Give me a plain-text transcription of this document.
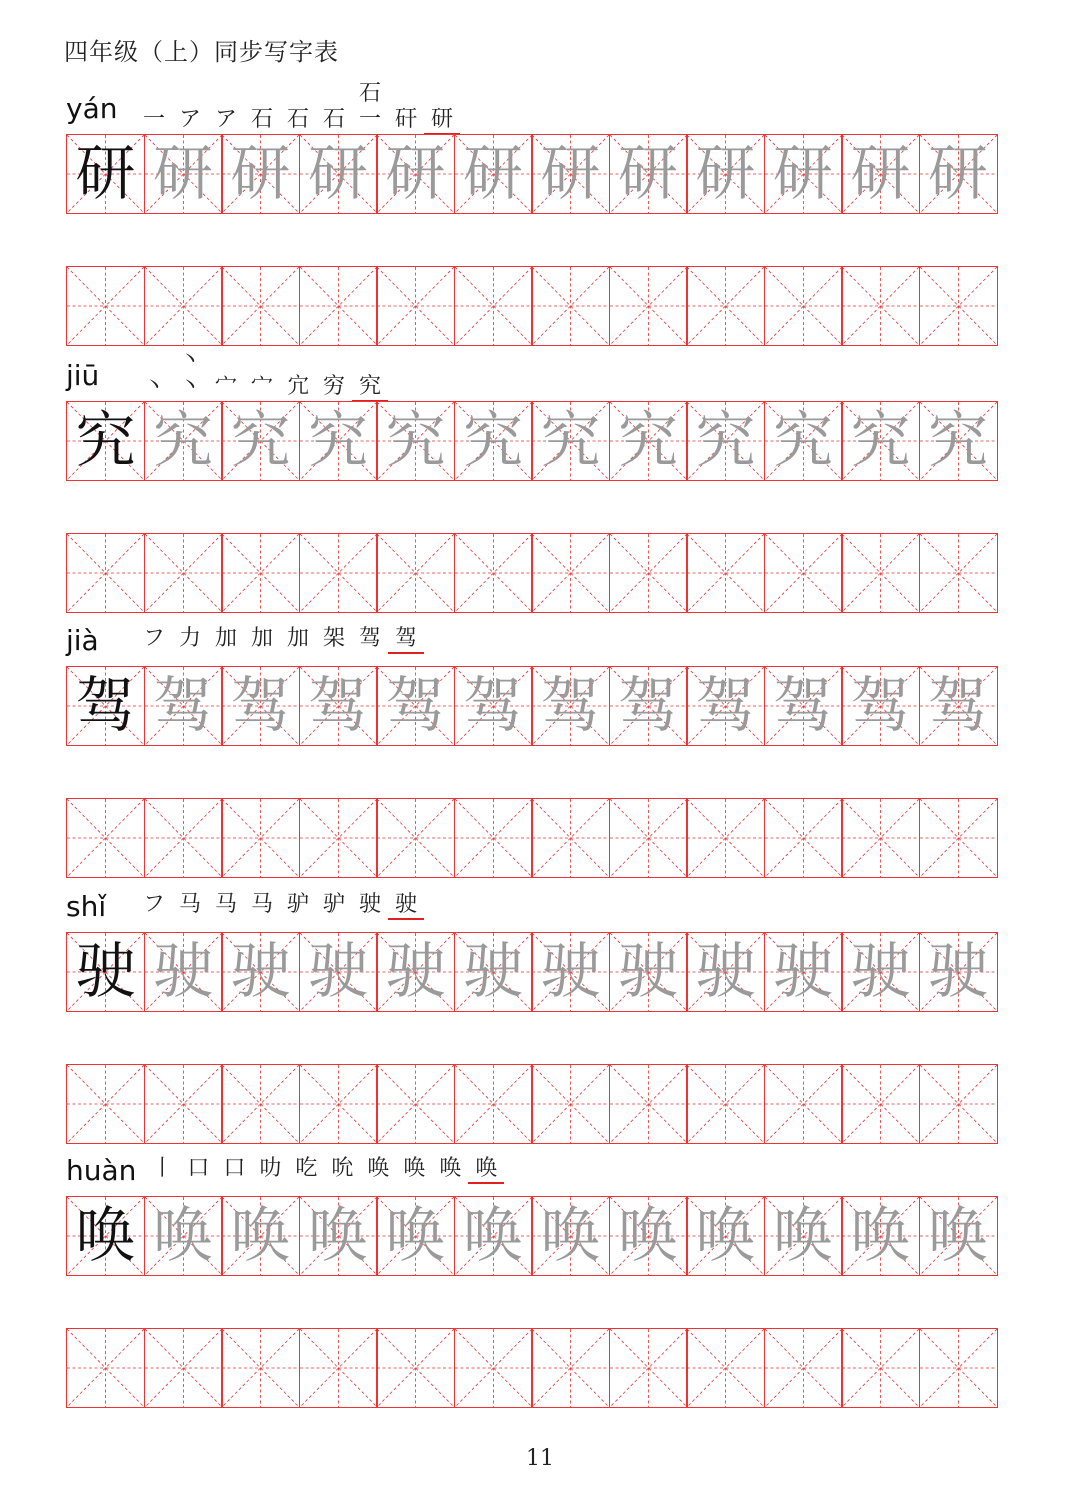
四年级（上）同步写字表
yán	一 ア ア 石 石 石
石一 矸 研
研 研 研 研 研 研 研 研 研 研 研 研
jiū	丶
丶丶 宀 宀 宂 穷 究
究 究 究 究 究 究 究 究 究 究 究 究
jià	フ 力 加 加 加 架 驾 驾
驾 驾 驾 驾 驾 驾 驾 驾 驾 驾 驾 驾
shǐ	フ 马 马 马 驴 驴 驶 驶
驶 驶 驶 驶 驶 驶 驶 驶 驶 驶 驶 驶
huàn 丨 口 口 叻 吃 吮 唤 唤 唤 唤
唤 唤 唤 唤 唤 唤 唤 唤 唤 唤 唤 唤
11
